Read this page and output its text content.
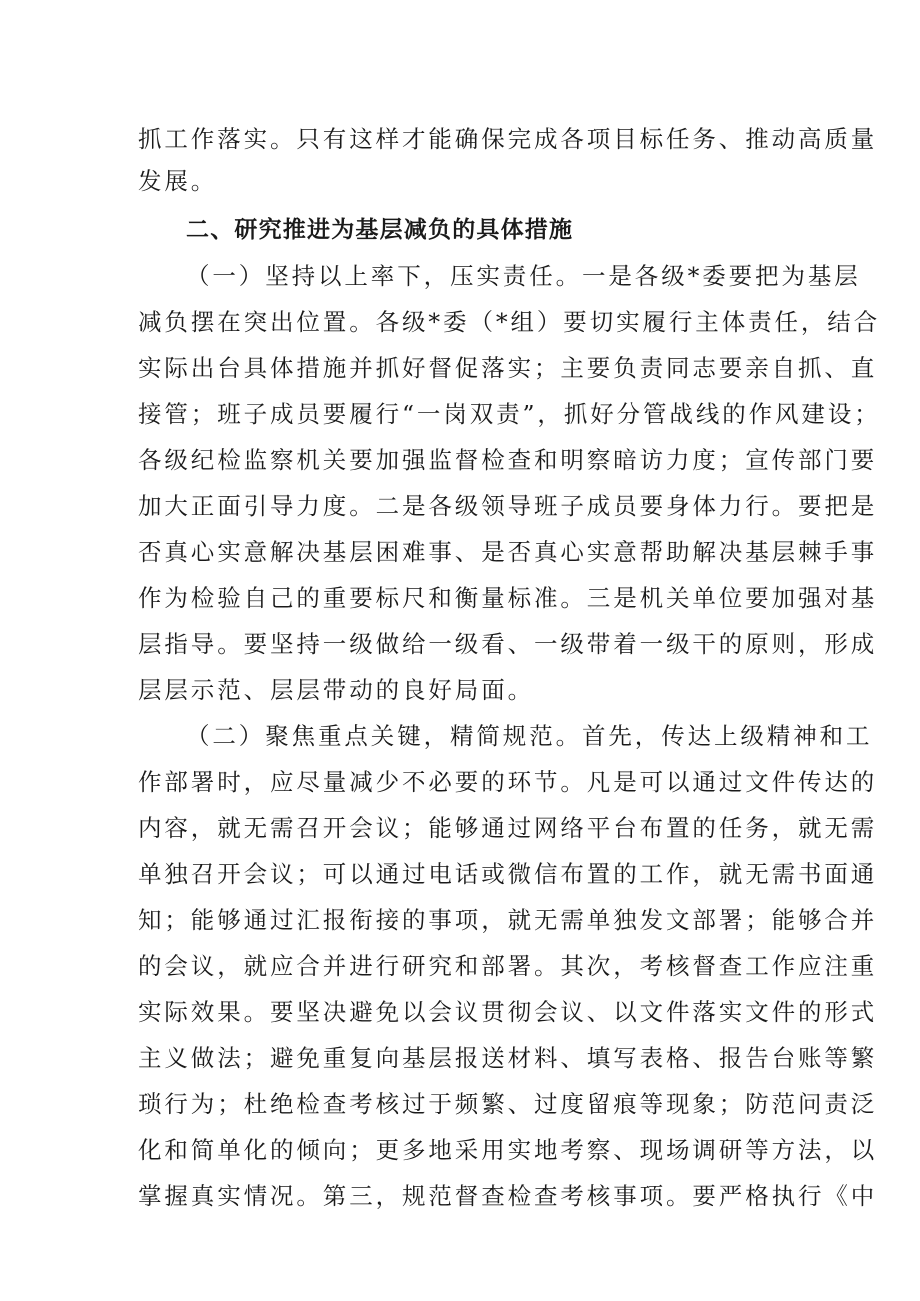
抓工作落实。只有这样才能确保完成各项目标任务、推动高质量
发展。
二、研究推进为基层减负的具体措施
（一）坚持以上率下，压实责任。一是各级*委要把为基层
减负摆在突出位置。各级*委（*组）要切实履行主体责任，结合
实际出台具体措施并抓好督促落实；主要负责同志要亲自抓、直
接管；班子成员要履行“一岗双责”，抓好分管战线的作风建设；
各级纪检监察机关要加强监督检查和明察暗访力度；宣传部门要
加大正面引导力度。二是各级领导班子成员要身体力行。要把是
否真心实意解决基层困难事、是否真心实意帮助解决基层棘手事
作为检验自己的重要标尺和衡量标准。三是机关单位要加强对基
层指导。要坚持一级做给一级看、一级带着一级干的原则，形成
层层示范、层层带动的良好局面。
（二）聚焦重点关键，精简规范。首先，传达上级精神和工
作部署时，应尽量减少不必要的环节。凡是可以通过文件传达的
内容，就无需召开会议；能够通过网络平台布置的任务，就无需
单独召开会议；可以通过电话或微信布置的工作，就无需书面通
知；能够通过汇报衔接的事项，就无需单独发文部署；能够合并
的会议，就应合并进行研究和部署。其次，考核督查工作应注重
实际效果。要坚决避免以会议贯彻会议、以文件落实文件的形式
主义做法；避免重复向基层报送材料、填写表格、报告台账等繁
琐行为；杜绝检查考核过于频繁、过度留痕等现象；防范问责泛
化和简单化的倾向；更多地采用实地考察、现场调研等方法，以
掌握真实情况。第三，规范督查检查考核事项。要严格执行《中
